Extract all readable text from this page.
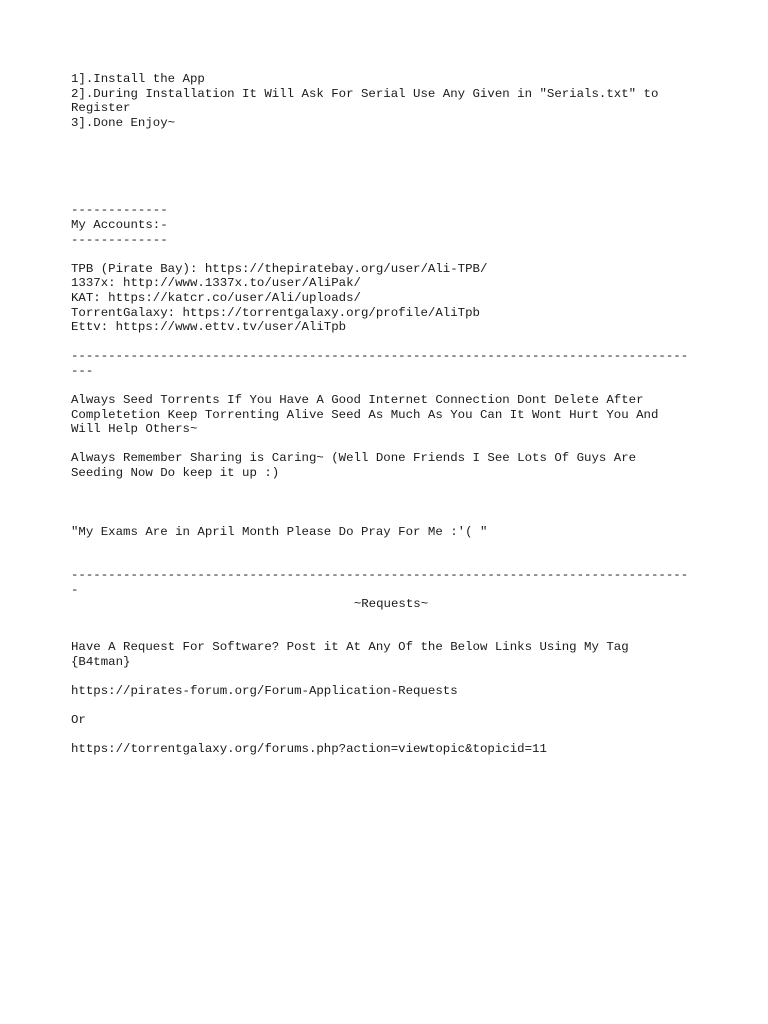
1].Install the App
2].During Installation It Will Ask For Serial Use Any Given in "Serials.txt" to
Register
3].Done Enjoy~
-------------
My Accounts:-
-------------
TPB (Pirate Bay): https://thepiratebay.org/user/Ali-TPB/
1337x: http://www.1337x.to/user/AliPak/
KAT: https://katcr.co/user/Ali/uploads/
TorrentGalaxy: https://torrentgalaxy.org/profile/AliTpb
Ettv: https://www.ettv.tv/user/AliTpb
-----------------------------------------------------------------------------------
---
Always Seed Torrents If You Have A Good Internet Connection Dont Delete After
Completetion Keep Torrenting Alive Seed As Much As You Can It Wont Hurt You And
Will Help Others~
Always Remember Sharing is Caring~ (Well Done Friends I See Lots Of Guys Are
Seeding Now Do keep it up :)
"My Exams Are in April Month Please Do Pray For Me :'( "
-----------------------------------------------------------------------------------
-
~Requests~
Have A Request For Software? Post it At Any Of the Below Links Using My Tag
{B4tman}
https://pirates-forum.org/Forum-Application-Requests
Or
https://torrentgalaxy.org/forums.php?action=viewtopic&topicid=11
